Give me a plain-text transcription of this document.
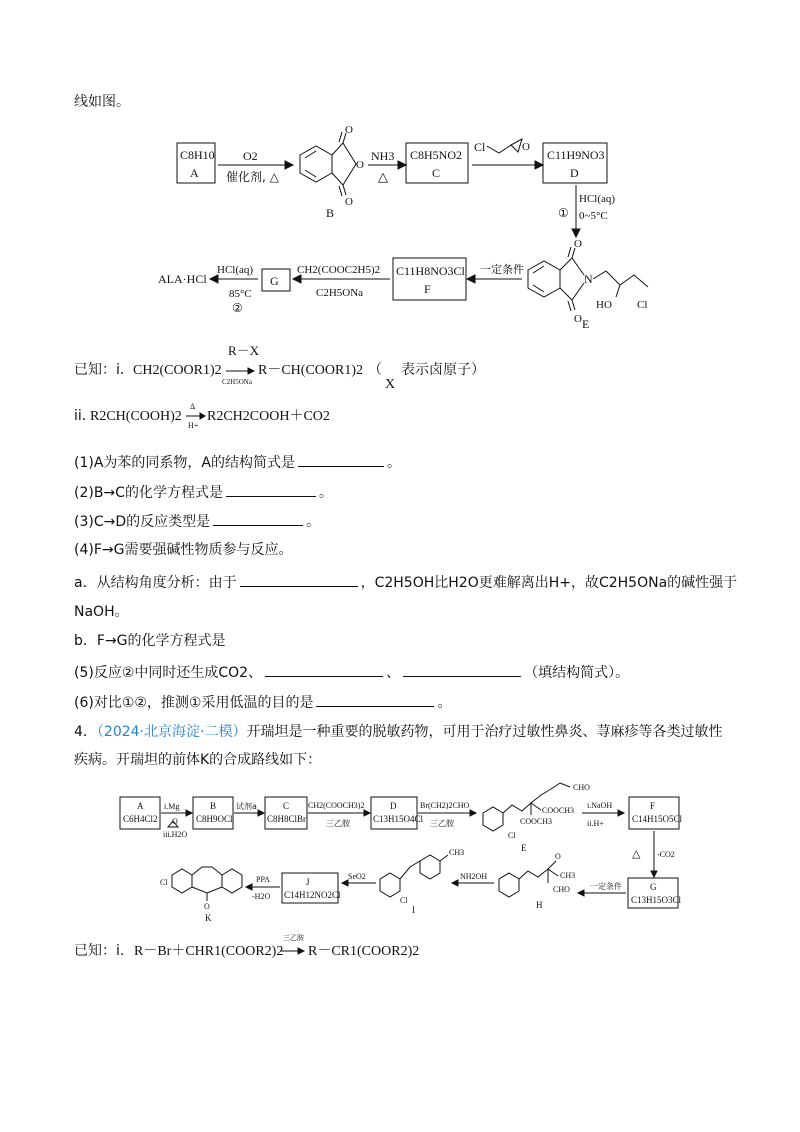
线如图。
C8H10
A
O2
催化剂, △
O
O
O
B
NH3
△
C8H5NO2
C
Cl	O
C11H9NO3
D
HCl(aq)
① 0~5°C
O
N
O
HO Cl
E
一定条件
C11H8NO3Cl
F
CH2(COOC2H5)2
C2H5ONa
G
HCl(aq)
85°C
②
ALA·HCl
已知： i． CH2(COOR1)2
R－X
C2H5ONa
R－CH(COOR1)2 （
X
表示卤原子）
ii．
R2CH(COOH)2
Δ
H+
R2CH2COOH＋CO2
(1)A为苯的同系物，A的结构简式是	。
(2)B→C的化学方程式是	。
(3)C→D的反应类型是	。
(4)F→G需要强碱性物质参与反应。
a．从结构角度分析：由于	，C2H5OH比H2O更难解离出H+，故C2H5ONa的碱性强于
NaOH。
b．F→G的化学方程式是
(5)反应②中同时还生成CO2、	、	（填结构简式）。
(6)对比①②，推测①采用低温的目的是	。
4．（2024·北京海淀·二模）开瑞坦是一种重要的脱敏药物，可用于治疗过敏性鼻炎、荨麻疹等各类过敏性
疾病。开瑞坦的前体K的合成路线如下：
A
C6H4Cl2
i.Mg
O
iii.H2O
B
C8H9OCl
试剂a	C
C8H8ClBr
CH2(COOCH3)2
三乙胺
D
C13H15O4Cl
Br(CH2)2CHO
三乙胺
CHO
COOCH3
COOCH3
Cl
E
i.NaOH
ii.H+
F
C14H15O5Cl
△ -CO2
G
C13H15O3Cl
一定条件
O
CH3
CHO
H
NH2OH
CH3
Cl
I
SeO2
J
C14H12NO2Cl
PPA
-H2O
Cl
O
K
已知：i. R－Br＋CHR1(COOR2)2
三乙胺
R－CR1(COOR2)2
